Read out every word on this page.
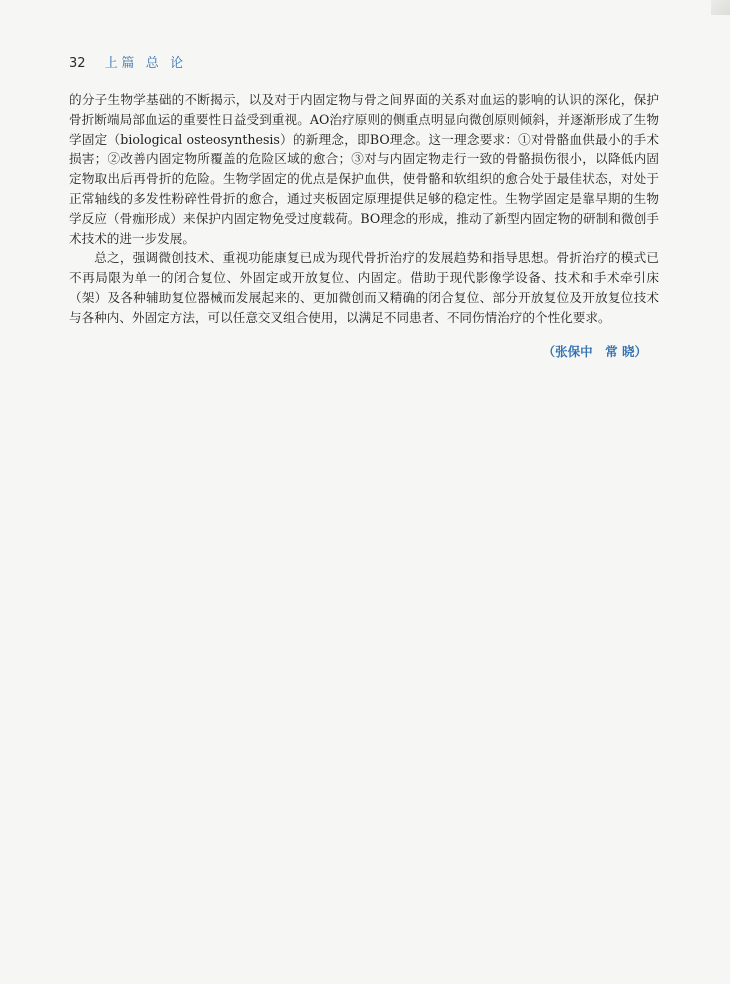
32 上篇 总 论

的分子生物学基础的不断揭示，以及对于内固定物与骨之间界面的关系对血运的影响的认识的深化，保护骨折断端局部血运的重要性日益受到重视。AO治疗原则的侧重点明显向微创原则倾斜，并逐渐形成了生物学固定（biological osteosynthesis）的新理念，即BO理念。这一理念要求：①对骨骼血供最小的手术损害；②改善内固定物所覆盖的危险区域的愈合；③对与内固定物走行一致的骨骼损伤很小，以降低内固定物取出后再骨折的危险。生物学固定的优点是保护血供，使骨骼和软组织的愈合处于最佳状态，对处于正常轴线的多发性粉碎性骨折的愈合，通过夹板固定原理提供足够的稳定性。生物学固定是靠早期的生物学反应（骨痂形成）来保护内固定物免受过度载荷。BO理念的形成，推动了新型内固定物的研制和微创手术技术的进一步发展。

总之，强调微创技术、重视功能康复已成为现代骨折治疗的发展趋势和指导思想。骨折治疗的模式已不再局限为单一的闭合复位、外固定或开放复位、内固定。借助于现代影像学设备、技术和手术牵引床（架）及各种辅助复位器械而发展起来的、更加微创而又精确的闭合复位、部分开放复位及开放复位技术与各种内、外固定方法，可以任意交叉组合使用，以满足不同患者、不同伤情治疗的个性化要求。

（张保中　常 晓）
